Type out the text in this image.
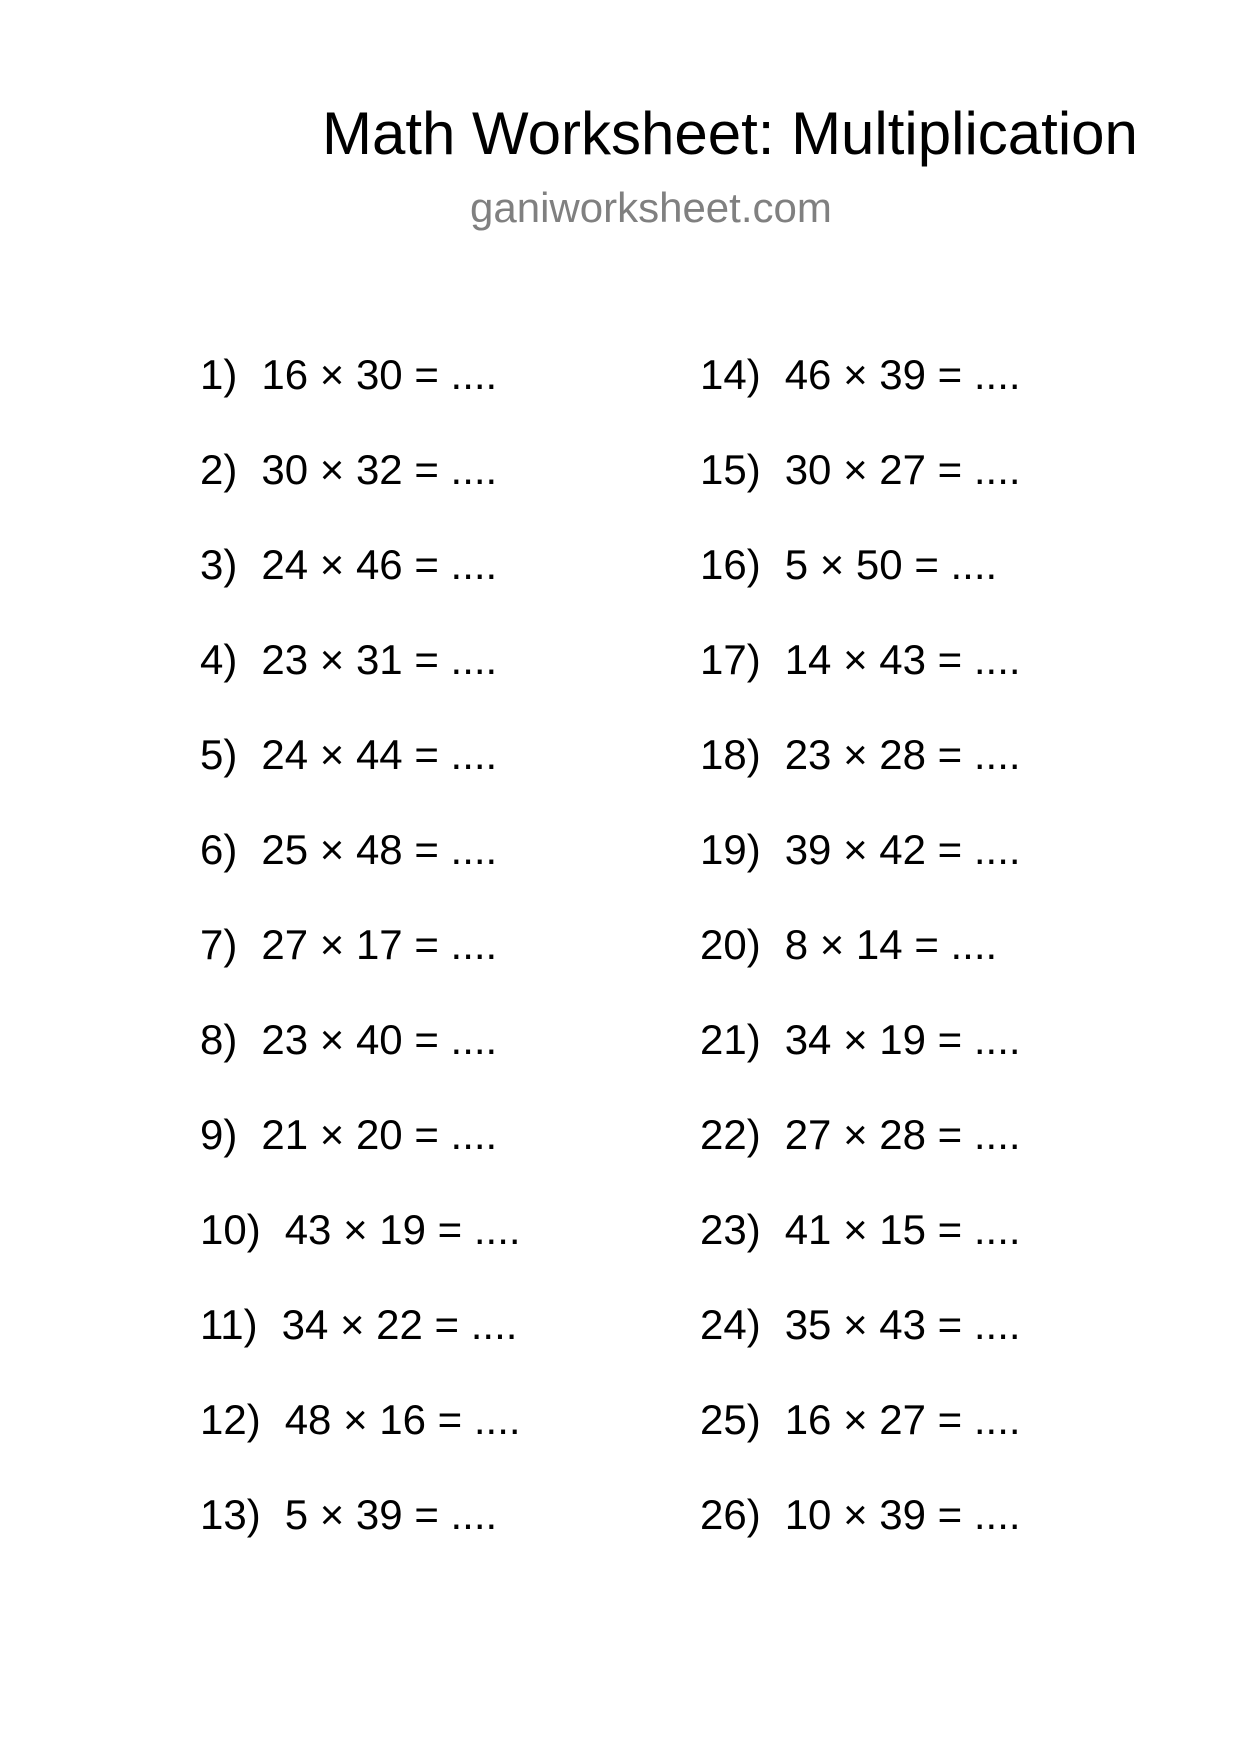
Math Worksheet: Multiplication
ganiworksheet.com
1) 16 × 30 = ....
2) 30 × 32 = ....
3) 24 × 46 = ....
4) 23 × 31 = ....
5) 24 × 44 = ....
6) 25 × 48 = ....
7) 27 × 17 = ....
8) 23 × 40 = ....
9) 21 × 20 = ....
10) 43 × 19 = ....
11) 34 × 22 = ....
12) 48 × 16 = ....
13) 5 × 39 = ....
14) 46 × 39 = ....
15) 30 × 27 = ....
16) 5 × 50 = ....
17) 14 × 43 = ....
18) 23 × 28 = ....
19) 39 × 42 = ....
20) 8 × 14 = ....
21) 34 × 19 = ....
22) 27 × 28 = ....
23) 41 × 15 = ....
24) 35 × 43 = ....
25) 16 × 27 = ....
26) 10 × 39 = ....
